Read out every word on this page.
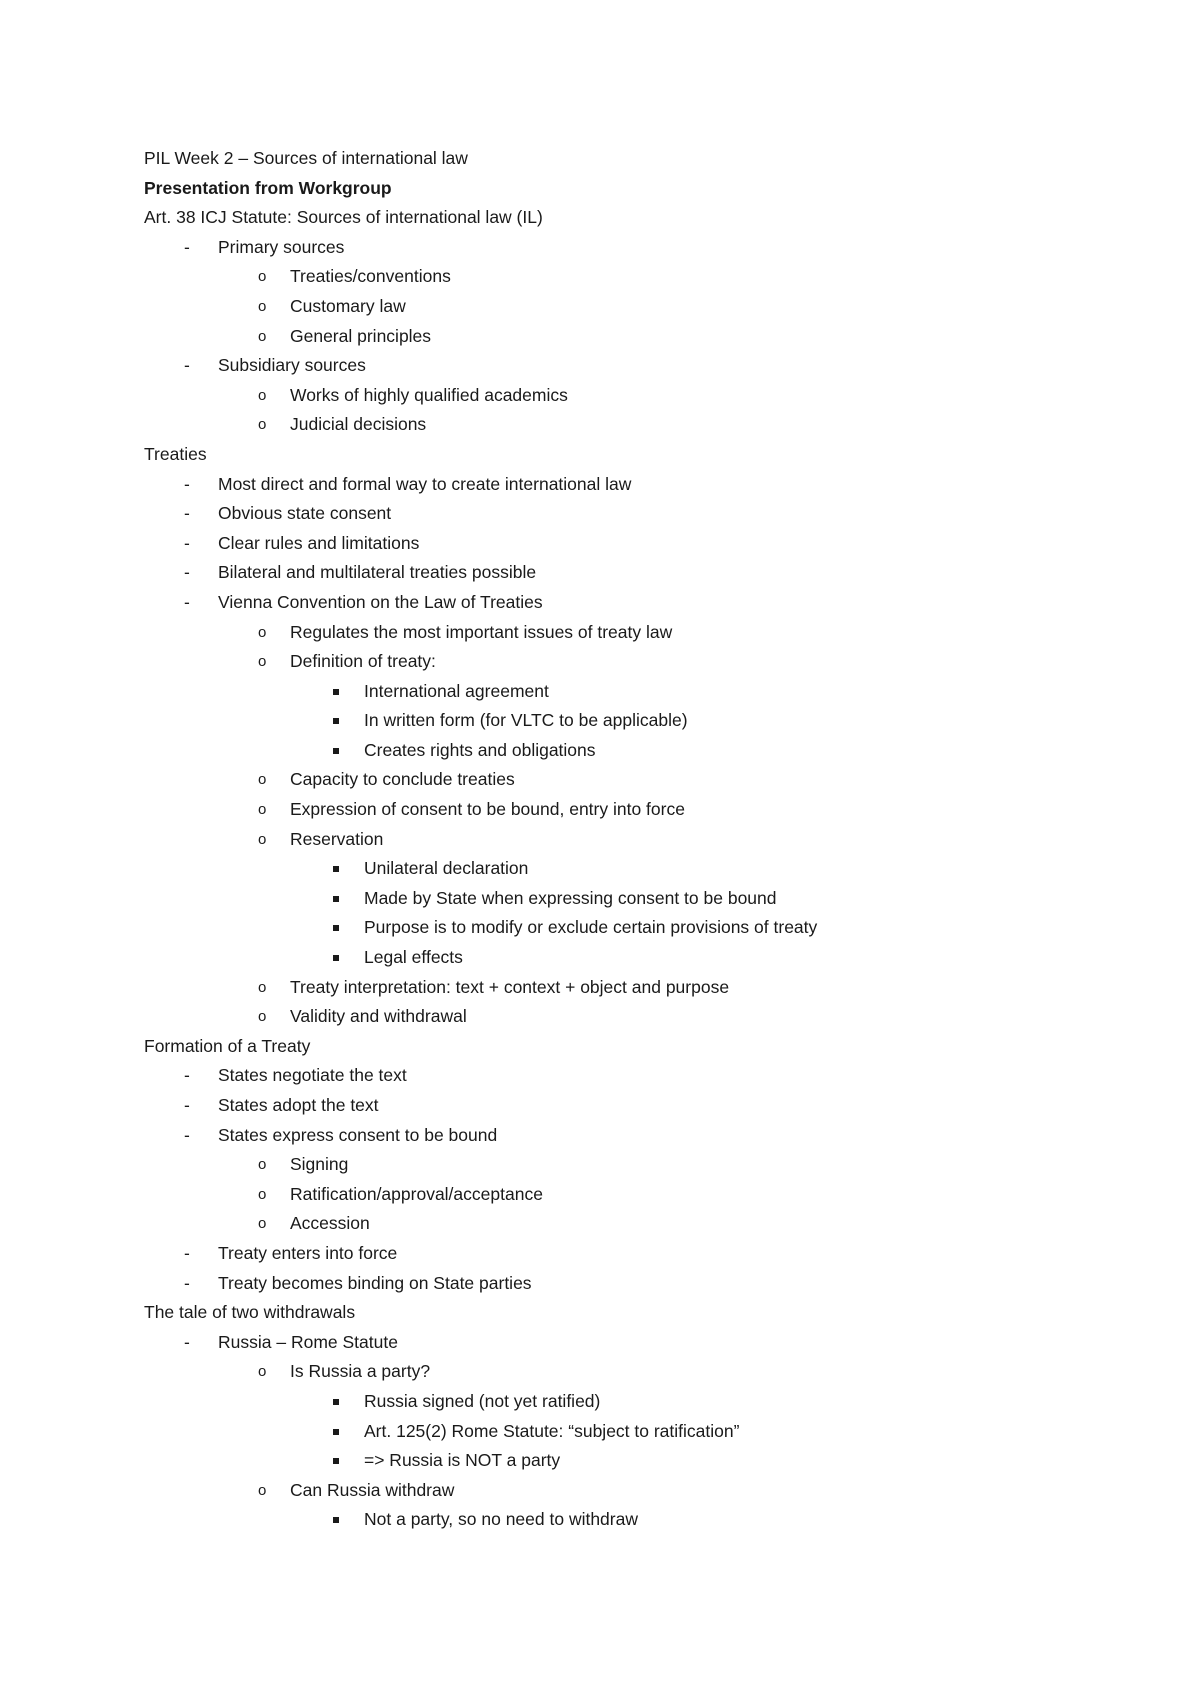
PIL Week 2 – Sources of international law
Presentation from Workgroup
Art. 38 ICJ Statute: Sources of international law (IL)
- Primary sources
o Treaties/conventions
o Customary law
o General principles
- Subsidiary sources
o Works of highly qualified academics
o Judicial decisions
Treaties
- Most direct and formal way to create international law
- Obvious state consent
- Clear rules and limitations
- Bilateral and multilateral treaties possible
- Vienna Convention on the Law of Treaties
o Regulates the most important issues of treaty law
o Definition of treaty:
International agreement
In written form (for VLTC to be applicable)
Creates rights and obligations
o Capacity to conclude treaties
o Expression of consent to be bound, entry into force
o Reservation
Unilateral declaration
Made by State when expressing consent to be bound
Purpose is to modify or exclude certain provisions of treaty
Legal effects
o Treaty interpretation: text + context + object and purpose
o Validity and withdrawal
Formation of a Treaty
- States negotiate the text
- States adopt the text
- States express consent to be bound
o Signing
o Ratification/approval/acceptance
o Accession
- Treaty enters into force
- Treaty becomes binding on State parties
The tale of two withdrawals
- Russia – Rome Statute
o Is Russia a party?
Russia signed (not yet ratified)
Art. 125(2) Rome Statute: “subject to ratification”
=> Russia is NOT a party
o Can Russia withdraw
Not a party, so no need to withdraw
